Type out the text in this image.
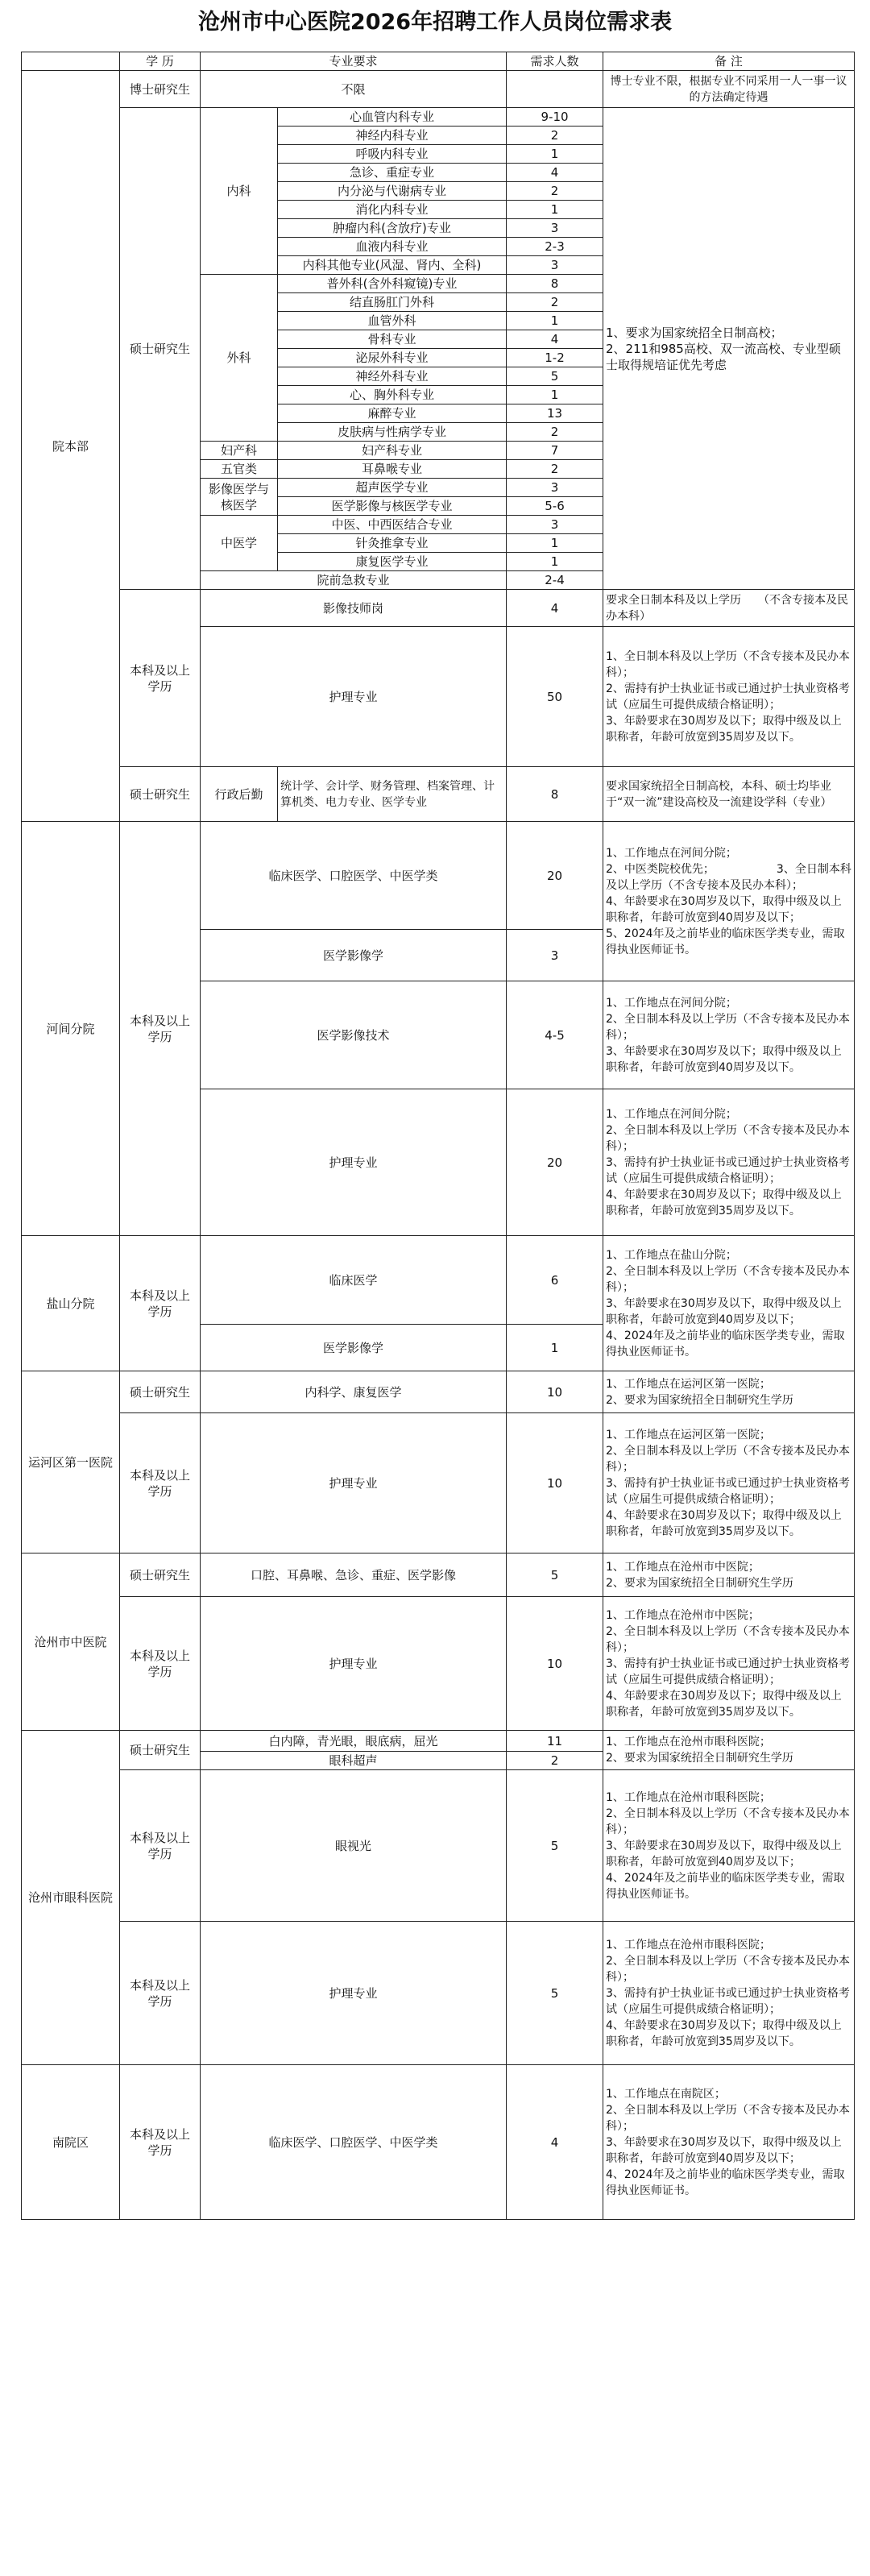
沧州市中心医院2026年招聘工作人员岗位需求表
	学 历	专业要求		需求人数	备 注
院本部	博士研究生	不限			博士专业不限，根据专业不同采用一人一事一议的方法确定待遇
	硕士研究生	内科	心血管内科专业	9-10	1、要求为国家统招全日制高校；
2、211和985高校、双一流高校、专业型硕士取得规培证优先考虑
			神经内科专业	2	
			呼吸内科专业	1	
			急诊、重症专业	4	
			内分泌与代谢病专业	2	
			消化内科专业	1	
			肿瘤内科(含放疗)专业	3	
			血液内科专业	2-3	
			内科其他专业(风湿、肾内、全科)	3	
		外科	普外科(含外科窥镜)专业	8	
			结直肠肛门外科	2	
			血管外科	1	
			骨科专业	4	
			泌尿外科专业	1-2	
			神经外科专业	5	
			心、胸外科专业	1	
			麻醉专业	13	
			皮肤病与性病学专业	2	
		妇产科	妇产科专业	7	
		五官类	耳鼻喉专业	2	
		影像医学与核医学	超声医学专业	3	
			医学影像与核医学专业	5-6	
		中医学	中医、中西医结合专业	3	
			针灸推拿专业	1	
			康复医学专业	1	
		院前急救专业		2-4	
	本科及以上
学历	影像技师岗		4	要求全日制本科及以上学历　　（不含专接本及民办本科）
		护理专业		50	1、全日制本科及以上学历（不含专接本及民办本科）；
2、需持有护士执业证书或已通过护士执业资格考试（应届生可提供成绩合格证明）；
3、年龄要求在30周岁及以下；取得中级及以上职称者，年龄可放宽到35周岁及以下。
	硕士研究生	行政后勤	统计学、会计学、财务管理、档案管理、计算机类、电力专业、医学专业	8	要求国家统招全日制高校，本科、硕士均毕业于“双一流”建设高校及一流建设学科（专业）
河间分院	本科及以上
学历	临床医学、口腔医学、中医学类		20	1、工作地点在河间分院；
2、中医类院校优先；　　　　　　3、全日制本科及以上学历（不含专接本及民办本科）；
4、年龄要求在30周岁及以下，取得中级及以上职称者，年龄可放宽到40周岁及以下；
5、2024年及之前毕业的临床医学类专业，需取得执业医师证书。
		医学影像学		3	
		医学影像技术		4-5	1、工作地点在河间分院；
2、全日制本科及以上学历（不含专接本及民办本科）；
3、年龄要求在30周岁及以下；取得中级及以上职称者，年龄可放宽到40周岁及以下。
		护理专业		20	1、工作地点在河间分院；
2、全日制本科及以上学历（不含专接本及民办本科）；
3、需持有护士执业证书或已通过护士执业资格考试（应届生可提供成绩合格证明）；
4、年龄要求在30周岁及以下；取得中级及以上职称者，年龄可放宽到35周岁及以下。
盐山分院	本科及以上
学历	临床医学		6	1、工作地点在盐山分院；
2、全日制本科及以上学历（不含专接本及民办本科）；
3、年龄要求在30周岁及以下，取得中级及以上职称者，年龄可放宽到40周岁及以下；
4、2024年及之前毕业的临床医学类专业，需取得执业医师证书。
		医学影像学		1	
运河区第一医院	硕士研究生	内科学、康复医学		10	1、工作地点在运河区第一医院；
2、要求为国家统招全日制研究生学历
	本科及以上
学历	护理专业		10	1、工作地点在运河区第一医院；
2、全日制本科及以上学历（不含专接本及民办本科）；
3、需持有护士执业证书或已通过护士执业资格考试（应届生可提供成绩合格证明）；
4、年龄要求在30周岁及以下；取得中级及以上职称者，年龄可放宽到35周岁及以下。
沧州市中医院	硕士研究生	口腔、耳鼻喉、急诊、重症、医学影像		5	1、工作地点在沧州市中医院；
2、要求为国家统招全日制研究生学历
	本科及以上
学历	护理专业		10	1、工作地点在沧州市中医院；
2、全日制本科及以上学历（不含专接本及民办本科）；
3、需持有护士执业证书或已通过护士执业资格考试（应届生可提供成绩合格证明）；
4、年龄要求在30周岁及以下；取得中级及以上职称者，年龄可放宽到35周岁及以下。
沧州市眼科医院	硕士研究生	白内障，青光眼，眼底病，屈光		11	1、工作地点在沧州市眼科医院；
2、要求为国家统招全日制研究生学历
		眼科超声		2	
	本科及以上
学历	眼视光		5	1、工作地点在沧州市眼科医院；
2、全日制本科及以上学历（不含专接本及民办本科）；
3、年龄要求在30周岁及以下，取得中级及以上职称者，年龄可放宽到40周岁及以下；
4、2024年及之前毕业的临床医学类专业，需取得执业医师证书。
	本科及以上
学历	护理专业		5	1、工作地点在沧州市眼科医院；
2、全日制本科及以上学历（不含专接本及民办本科）；
3、需持有护士执业证书或已通过护士执业资格考试（应届生可提供成绩合格证明）；
4、年龄要求在30周岁及以下；取得中级及以上职称者，年龄可放宽到35周岁及以下。
南院区	本科及以上
学历	临床医学、口腔医学、中医学类		4	1、工作地点在南院区；
2、全日制本科及以上学历（不含专接本及民办本科）；
3、年龄要求在30周岁及以下，取得中级及以上职称者，年龄可放宽到40周岁及以下；
4、2024年及之前毕业的临床医学类专业，需取得执业医师证书。
